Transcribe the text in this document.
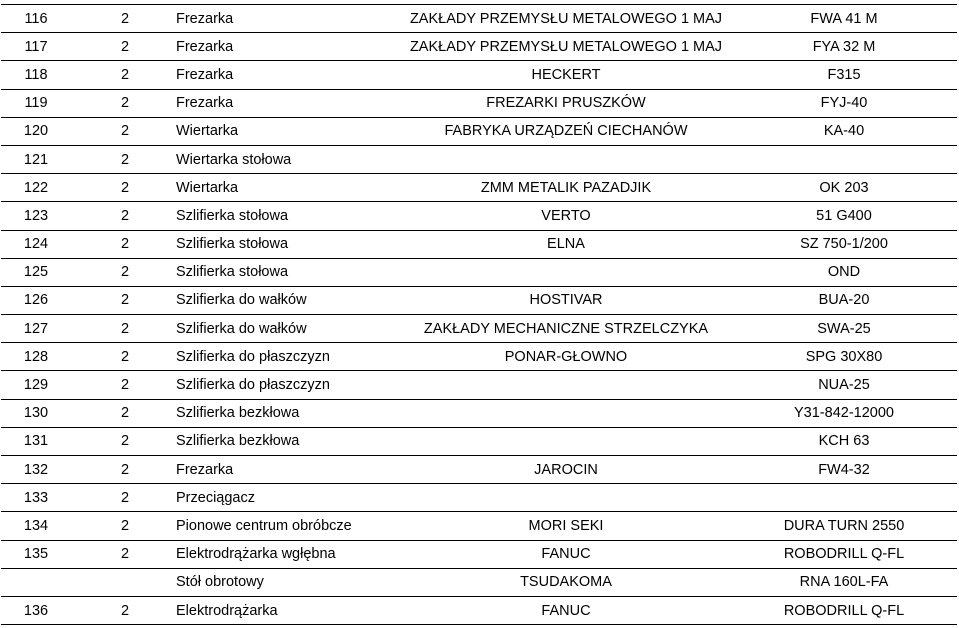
116	2	Frezarka	ZAKŁADY PRZEMYSŁU METALOWEGO 1 MAJ	FWA 41 M
117	2	Frezarka	ZAKŁADY PRZEMYSŁU METALOWEGO 1 MAJ	FYA 32 M
118	2	Frezarka	HECKERT	F315
119	2	Frezarka	FREZARKI PRUSZKÓW	FYJ-40
120	2	Wiertarka	FABRYKA URZĄDZEŃ CIECHANÓW	KA-40
121	2	Wiertarka stołowa		
122	2	Wiertarka	ZMM METALIK PAZADJIK	OK 203
123	2	Szlifierka stołowa	VERTO	51 G400
124	2	Szlifierka stołowa	ELNA	SZ 750-1/200
125	2	Szlifierka stołowa		OND
126	2	Szlifierka do wałków	HOSTIVAR	BUA-20
127	2	Szlifierka do wałków	ZAKŁADY MECHANICZNE STRZELCZYKA	SWA-25
128	2	Szlifierka do płaszczyzn	PONAR-GŁOWNO	SPG 30X80
129	2	Szlifierka do płaszczyzn		NUA-25
130	2	Szlifierka bezkłowa		Y31-842-12000
131	2	Szlifierka bezkłowa		KCH 63
132	2	Frezarka	JAROCIN	FW4-32
133	2	Przeciągacz		
134	2	Pionowe centrum obróbcze	MORI SEKI	DURA TURN 2550
135	2	Elektrodrążarka wgłębna	FANUC	ROBODRILL Q-FL
		Stół obrotowy	TSUDAKOMA	RNA 160L-FA
136	2	Elektrodrążarka	FANUC	ROBODRILL Q-FL
